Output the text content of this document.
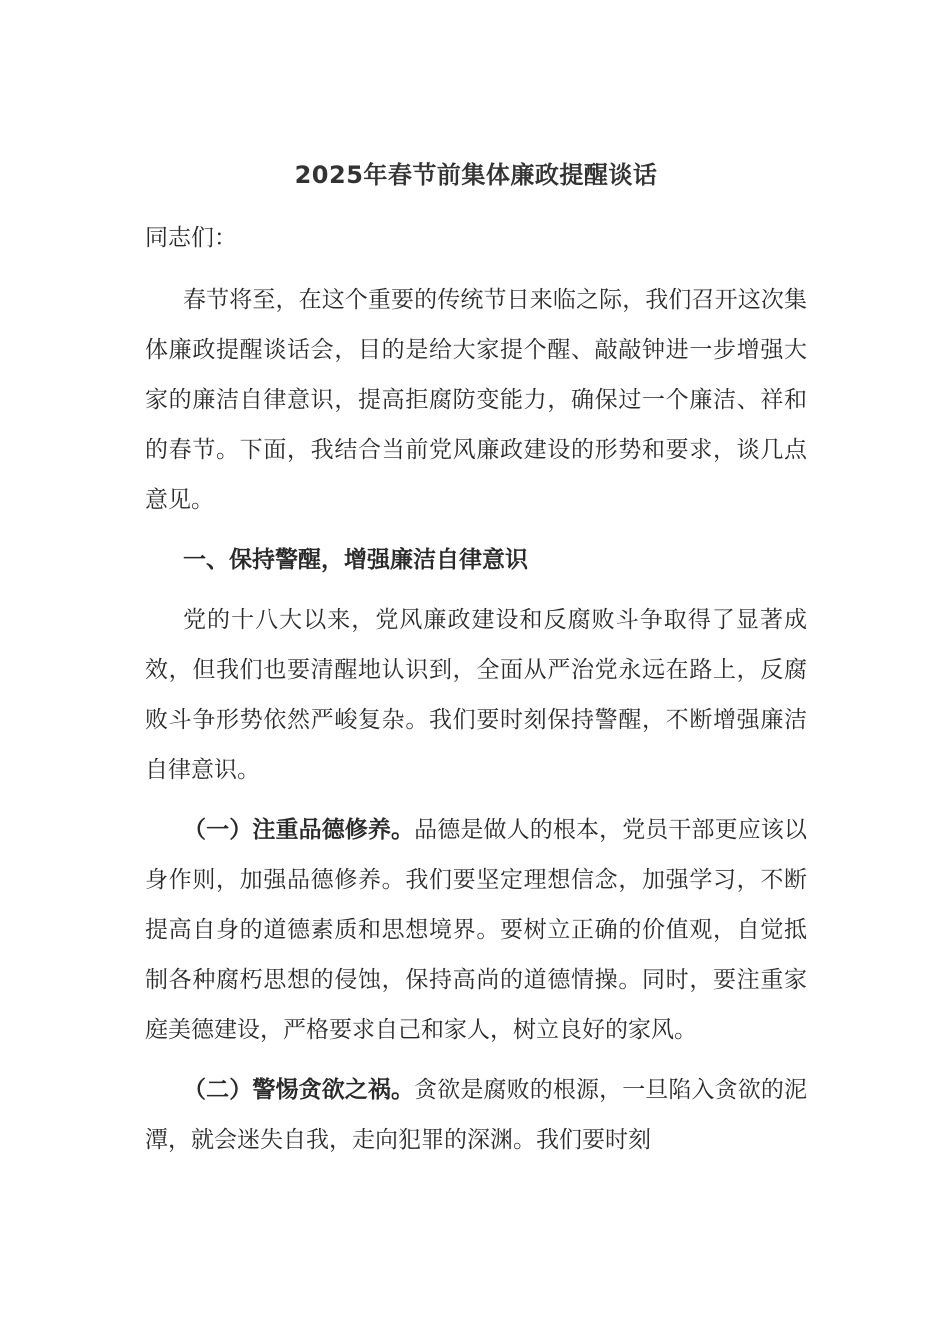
2025年春节前集体廉政提醒谈话

同志们：

春节将至，在这个重要的传统节日来临之际，我们召开这次集体廉政提醒谈话会，目的是给大家提个醒、敲敲钟进一步增强大家的廉洁自律意识，提高拒腐防变能力，确保过一个廉洁、祥和的春节。下面，我结合当前党风廉政建设的形势和要求，谈几点意见。

一、保持警醒，增强廉洁自律意识

党的十八大以来，党风廉政建设和反腐败斗争取得了显著成效，但我们也要清醒地认识到，全面从严治党永远在路上，反腐败斗争形势依然严峻复杂。我们要时刻保持警醒，不断增强廉洁自律意识。

（一）注重品德修养。品德是做人的根本，党员干部更应该以身作则，加强品德修养。我们要坚定理想信念，加强学习，不断提高自身的道德素质和思想境界。要树立正确的价值观，自觉抵制各种腐朽思想的侵蚀，保持高尚的道德情操。同时，要注重家庭美德建设，严格要求自己和家人，树立良好的家风。

（二）警惕贪欲之祸。贪欲是腐败的根源，一旦陷入贪欲的泥潭，就会迷失自我，走向犯罪的深渊。我们要时刻
